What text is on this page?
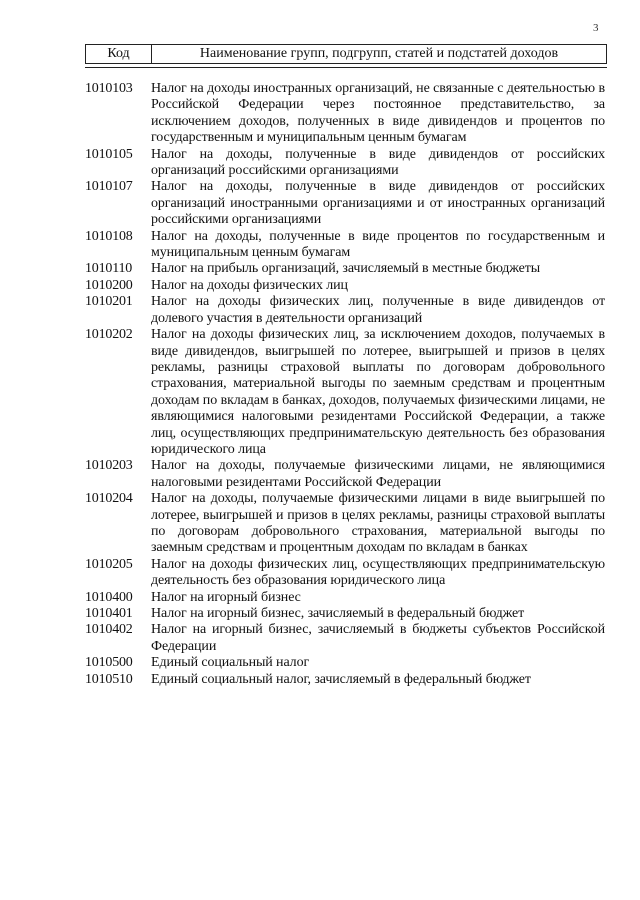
3
Код	Наименование групп, подгрупп, статей и подстатей доходов
1010103	Налог на доходы иностранных организаций, не связанные с деятельностью в Российской Федерации через постоянное представительство, за исключением доходов, полученных в виде дивидендов и процентов по государственным и муниципальным ценным бумагам
1010105	Налог на доходы, полученные в виде дивидендов от российских организаций российскими организациями
1010107	Налог на доходы, полученные в виде дивидендов от российских организаций иностранными организациями и от иностранных организаций российскими организациями
1010108	Налог на доходы, полученные в виде процентов по государственным и муниципальным ценным бумагам
1010110	Налог на прибыль организаций, зачисляемый в местные бюджеты
1010200	Налог на доходы физических лиц
1010201	Налог на доходы физических лиц, полученные в виде дивидендов от долевого участия в деятельности организаций
1010202	Налог на доходы физических лиц, за исключением доходов, получаемых в виде дивидендов, выигрышей по лотерее, выигрышей и призов в целях рекламы, разницы страховой выплаты по договорам добровольного страхования, материальной выгоды по заемным средствам и процентным доходам по вкладам в банках, доходов, получаемых физическими лицами, не являющимися налоговыми резидентами Российской Федерации, а также лиц, осуществляющих предпринимательскую деятельность без образования юридического лица
1010203	Налог на доходы, получаемые физическими лицами, не являющимися налоговыми резидентами Российской Федерации
1010204	Налог на доходы, получаемые физическими лицами в виде выигрышей по лотерее, выигрышей и призов в целях рекламы, разницы страховой выплаты по договорам добровольного страхования, материальной выгоды по заемным средствам и процентным доходам по вкладам в банках
1010205	Налог на доходы физических лиц, осуществляющих предпринимательскую деятельность без образования юридического лица
1010400	Налог на игорный бизнес
1010401	Налог на игорный бизнес, зачисляемый в федеральный бюджет
1010402	Налог на игорный бизнес, зачисляемый в бюджеты субъектов Российской Федерации
1010500	Единый социальный налог
1010510	Единый социальный налог, зачисляемый в федеральный бюджет
